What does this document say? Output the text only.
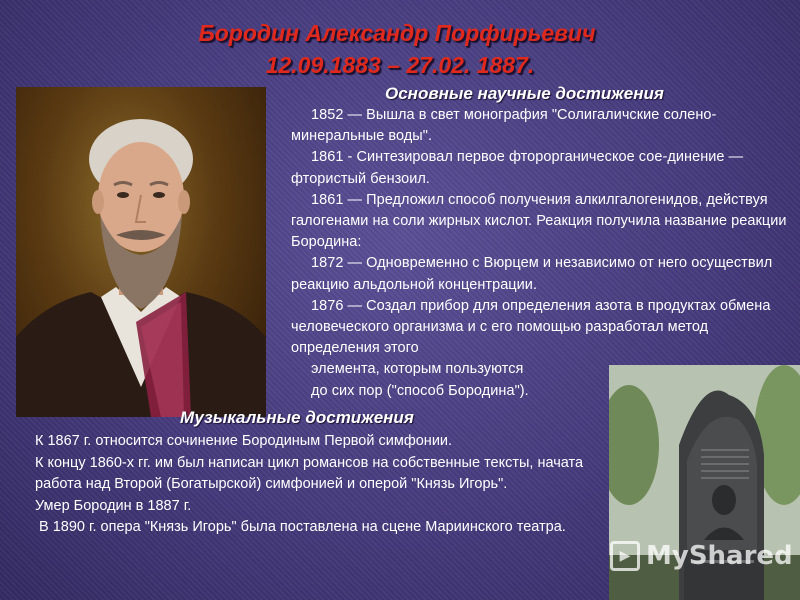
Бородин Александр Порфирьевич
12.09.1883 – 27.02. 1887.
Основные научные достижения

1852 — Вышла в свет монография "Солигаличские солено-минеральные воды".

1861 - Синтезировал первое фторорганическое сое-динение — фтористый бензоил.

1861 — Предложил способ получения алкилгалогенидов, действуя галогенами на соли жирных кислот. Реакция получила название реакции Бородина:

1872 — Одновременно с Вюрцем и независимо от него осуществил реакцию альдольной концентрации.

1876 — Создал прибор для определения азота в продуктах обмена человеческого организма и с его помощью разработал метод определения этого

элемента, которым пользуются

до сих пор ("способ Бородина").

Музыкальные достижения

К 1867 г. относится сочинение Бородиным Первой симфонии.

К концу 1860-х гг. им был написан цикл романсов на собственные тексты, начата работа над Второй (Богатырской) симфонией и оперой "Князь Игорь".

Умер Бородин в 1887 г.

В 1890 г. опера "Князь Игорь" была поставлена на сцене Мариинского театра.

▶ MyShared
